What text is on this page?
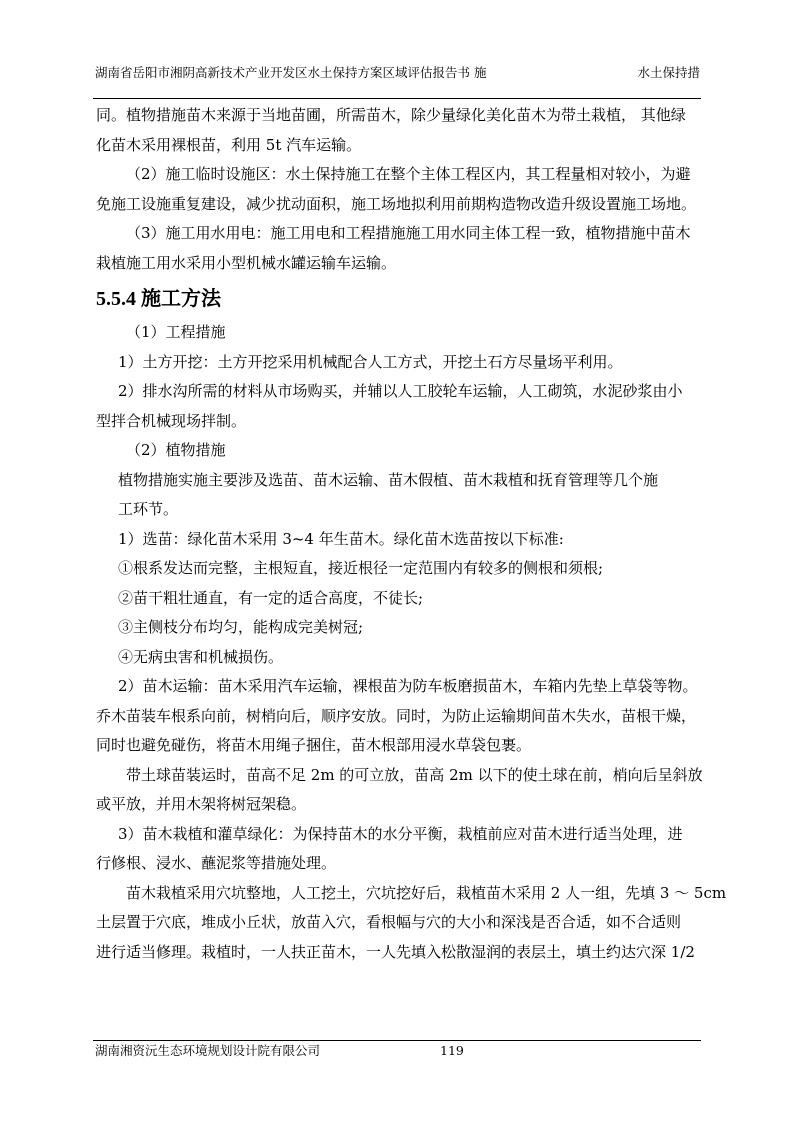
湖南省岳阳市湘阴高新技术产业开发区水土保持方案区域评估报告书 施	水土保持措

同。植物措施苗木来源于当地苗圃，所需苗木，除少量绿化美化苗木为带土栽植， 其他绿

化苗木采用裸根苗，利用 5t 汽车运输。

（2）施工临时设施区：水土保持施工在整个主体工程区内，其工程量相对较小，为避

免施工设施重复建设，减少扰动面积，施工场地拟利用前期构造物改造升级设置施工场地。

（3）施工用水用电：施工用电和工程措施施工用水同主体工程一致，植物措施中苗木

栽植施工用水采用小型机械水罐运输车运输。

5.5.4 施工方法

（1）工程措施

1）土方开挖：土方开挖采用机械配合人工方式，开挖土石方尽量场平利用。

2）排水沟所需的材料从市场购买，并辅以人工胶轮车运输，人工砌筑，水泥砂浆由小

型拌合机械现场拌制。

（2）植物措施

植物措施实施主要涉及选苗、苗木运输、苗木假植、苗木栽植和抚育管理等几个施

工环节。

1）选苗：绿化苗木采用 3~4 年生苗木。绿化苗木选苗按以下标准:

①根系发达而完整，主根短直，接近根径一定范围内有较多的侧根和须根;

②苗干粗壮通直，有一定的适合高度，不徒长;

③主侧枝分布均匀，能构成完美树冠;

④无病虫害和机械损伤。

2）苗木运输：苗木采用汽车运输，裸根苗为防车板磨损苗木，车箱内先垫上草袋等物。

乔木苗装车根系向前，树梢向后，顺序安放。同时，为防止运输期间苗木失水，苗根干燥，

同时也避免碰伤，将苗木用绳子捆住，苗木根部用浸水草袋包裹。

带土球苗装运时，苗高不足 2m 的可立放，苗高 2m 以下的使土球在前，梢向后呈斜放

或平放，并用木架将树冠架稳。

3）苗木栽植和灌草绿化：为保持苗木的水分平衡，栽植前应对苗木进行适当处理，进

行修根、浸水、蘸泥浆等措施处理。

苗木栽植采用穴坑整地，人工挖土，穴坑挖好后，栽植苗木采用 2 人一组，先填 3 ～ 5cm

土层置于穴底，堆成小丘状，放苗入穴，看根幅与穴的大小和深浅是否合适，如不合适则

进行适当修理。栽植时，一人扶正苗木，一人先填入松散湿润的表层土，填土约达穴深 1/2

湖南湘资沅生态环境规划设计院有限公司	119
